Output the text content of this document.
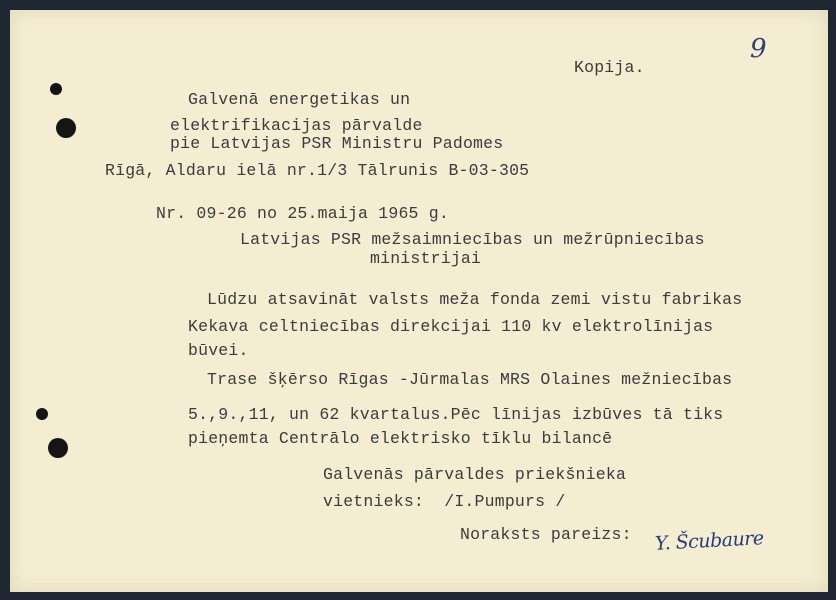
9
Kopija.
Galvenā energetikas un
elektrifikacijas pārvalde
pie Latvijas PSR Ministru Padomes
Rīgā, Aldaru ielā nr.1/3 Tālrunis B-03-305
Nr. 09-26 no 25.maija 1965 g.
Latvijas PSR mežsaimniecības un mežrūpniecības
ministrijai
Lūdzu atsavināt valsts meža fonda zemi vistu fabrikas
Kekava celtniecības direkcijai 110 kv elektrolīnijas
būvei.
Trase šķērso Rīgas -Jūrmalas MRS Olaines mežniecības
5.,9.,11, un 62 kvartalus.Pēc līnijas izbūves tā tiks
pieņemta Centrālo elektrisko tīklu bilancē
Galvenās pārvaldes priekšnieka
vietnieks:  /I.Pumpurs /
Noraksts pareizs: Y. Šcubaure
